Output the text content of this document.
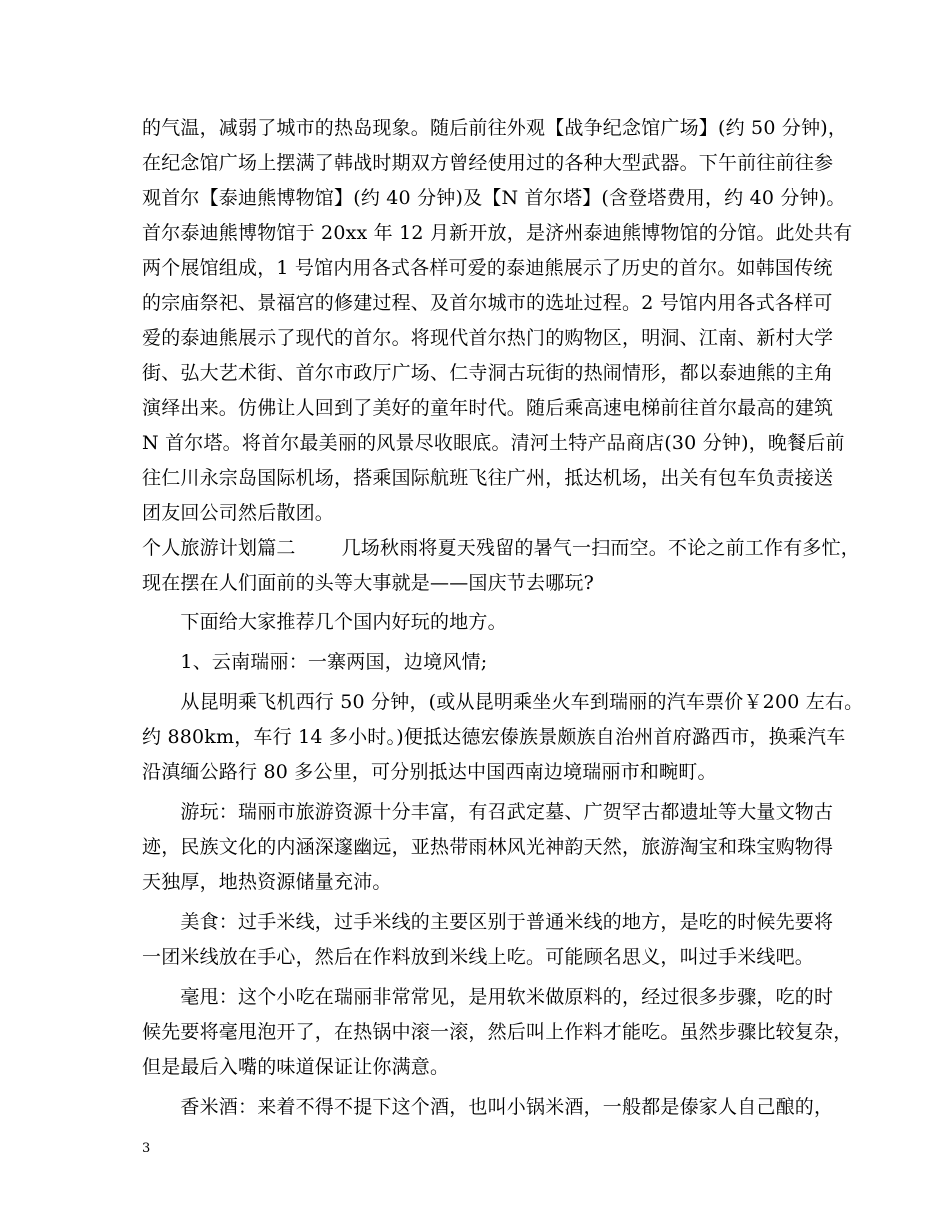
的气温，减弱了城市的热岛现象。随后前往外观【战争纪念馆广场】(约 50 分钟)，
在纪念馆广场上摆满了韩战时期双方曾经使用过的各种大型武器。下午前往前往参
观首尔【泰迪熊博物馆】(约 40 分钟)及【N 首尔塔】(含登塔费用，约 40 分钟)。
首尔泰迪熊博物馆于 20xx 年 12 月新开放，是济州泰迪熊博物馆的分馆。此处共有
两个展馆组成，1 号馆内用各式各样可爱的泰迪熊展示了历史的首尔。如韩国传统
的宗庙祭祀、景福宫的修建过程、及首尔城市的选址过程。2 号馆内用各式各样可
爱的泰迪熊展示了现代的首尔。将现代首尔热门的购物区，明洞、江南、新村大学
街、弘大艺术街、首尔市政厅广场、仁寺洞古玩街的热闹情形，都以泰迪熊的主角
演绎出来。仿佛让人回到了美好的童年时代。随后乘高速电梯前往首尔最高的建筑
N 首尔塔。将首尔最美丽的风景尽收眼底。清河土特产品商店(30 分钟)，晚餐后前
往仁川永宗岛国际机场，搭乘国际航班飞往广州，抵达机场，出关有包车负责接送
团友回公司然后散团。
个人旅游计划篇二 几场秋雨将夏天残留的暑气一扫而空。不论之前工作有多忙，
现在摆在人们面前的头等大事就是——国庆节去哪玩?
　　下面给大家推荐几个国内好玩的地方。
　　1、云南瑞丽：一寨两国，边境风情;
　　从昆明乘飞机西行 50 分钟，(或从昆明乘坐火车到瑞丽的汽车票价￥200 左右。
约 880km，车行 14 多小时。)便抵达德宏傣族景颇族自治州首府潞西市，换乘汽车
沿滇缅公路行 80 多公里，可分别抵达中国西南边境瑞丽市和畹町。
　　游玩：瑞丽市旅游资源十分丰富，有召武定墓、广贺罕古都遗址等大量文物古
迹，民族文化的内涵深邃幽远，亚热带雨林风光神韵天然，旅游淘宝和珠宝购物得
天独厚，地热资源储量充沛。
　　美食：过手米线，过手米线的主要区别于普通米线的地方，是吃的时候先要将
一团米线放在手心，然后在作料放到米线上吃。可能顾名思义，叫过手米线吧。
　　毫甩：这个小吃在瑞丽非常常见，是用软米做原料的，经过很多步骤，吃的时
候先要将毫甩泡开了，在热锅中滚一滚，然后叫上作料才能吃。虽然步骤比较复杂，
但是最后入嘴的味道保证让你满意。
　　香米酒：来着不得不提下这个酒，也叫小锅米酒，一般都是傣家人自己酿的，
3
